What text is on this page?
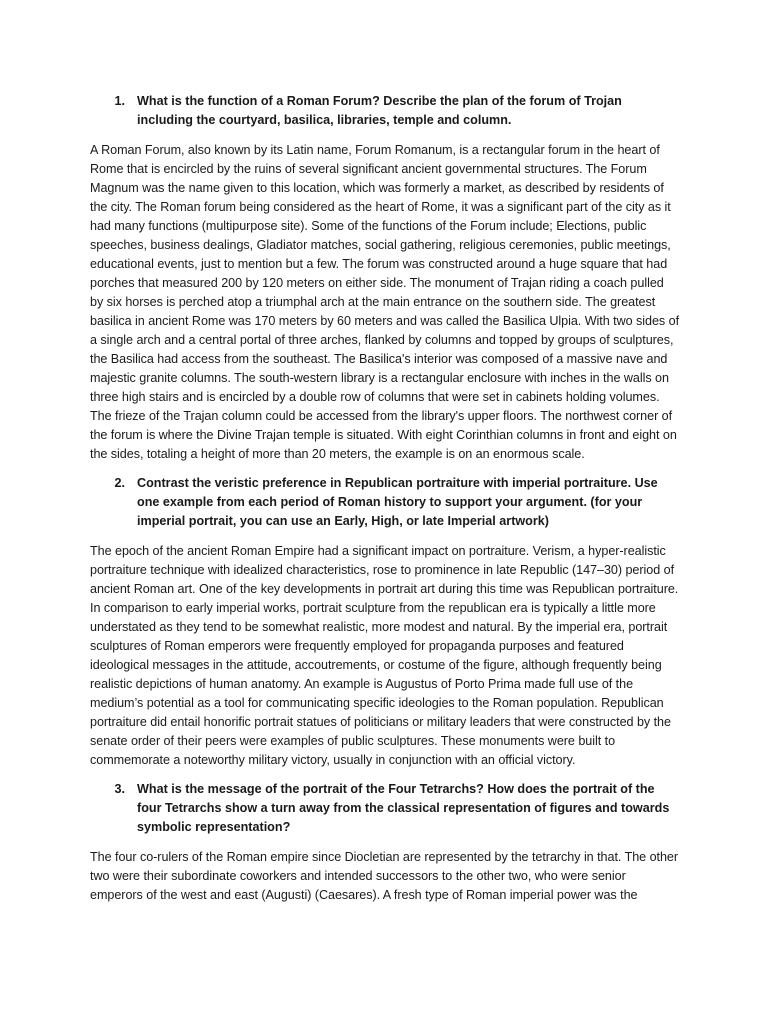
1. What is the function of a Roman Forum? Describe the plan of the forum of Trojan including the courtyard, basilica, libraries, temple and column.

A Roman Forum, also known by its Latin name, Forum Romanum, is a rectangular forum in the heart of Rome that is encircled by the ruins of several significant ancient governmental structures. The Forum Magnum was the name given to this location, which was formerly a market, as described by residents of the city. The Roman forum being considered as the heart of Rome, it was a significant part of the city as it had many functions (multipurpose site). Some of the functions of the Forum include; Elections, public speeches, business dealings, Gladiator matches, social gathering, religious ceremonies, public meetings, educational events, just to mention but a few. The forum was constructed around a huge square that had porches that measured 200 by 120 meters on either side. The monument of Trajan riding a coach pulled by six horses is perched atop a triumphal arch at the main entrance on the southern side. The greatest basilica in ancient Rome was 170 meters by 60 meters and was called the Basilica Ulpia. With two sides of a single arch and a central portal of three arches, flanked by columns and topped by groups of sculptures, the Basilica had access from the southeast. The Basilica's interior was composed of a massive nave and majestic granite columns. The south-western library is a rectangular enclosure with inches in the walls on three high stairs and is encircled by a double row of columns that were set in cabinets holding volumes. The frieze of the Trajan column could be accessed from the library's upper floors. The northwest corner of the forum is where the Divine Trajan temple is situated. With eight Corinthian columns in front and eight on the sides, totaling a height of more than 20 meters, the example is on an enormous scale.

2. Contrast the veristic preference in Republican portraiture with imperial portraiture. Use one example from each period of Roman history to support your argument. (for your imperial portrait, you can use an Early, High, or late Imperial artwork)

The epoch of the ancient Roman Empire had a significant impact on portraiture. Verism, a hyper-realistic portraiture technique with idealized characteristics, rose to prominence in late Republic (147–30) period of ancient Roman art. One of the key developments in portrait art during this time was Republican portraiture. In comparison to early imperial works, portrait sculpture from the republican era is typically a little more understated as they tend to be somewhat realistic, more modest and natural. By the imperial era, portrait sculptures of Roman emperors were frequently employed for propaganda purposes and featured ideological messages in the attitude, accoutrements, or costume of the figure, although frequently being realistic depictions of human anatomy. An example is Augustus of Porto Prima made full use of the medium’s potential as a tool for communicating specific ideologies to the Roman population. Republican portraiture did entail honorific portrait statues of politicians or military leaders that were constructed by the senate order of their peers were examples of public sculptures. These monuments were built to commemorate a noteworthy military victory, usually in conjunction with an official victory.

3. What is the message of the portrait of the Four Tetrarchs? How does the portrait of the four Tetrarchs show a turn away from the classical representation of figures and towards symbolic representation?

The four co-rulers of the Roman empire since Diocletian are represented by the tetrarchy in that. The other two were their subordinate coworkers and intended successors to the other two, who were senior emperors of the west and east (Augusti) (Caesares). A fresh type of Roman imperial power was the
